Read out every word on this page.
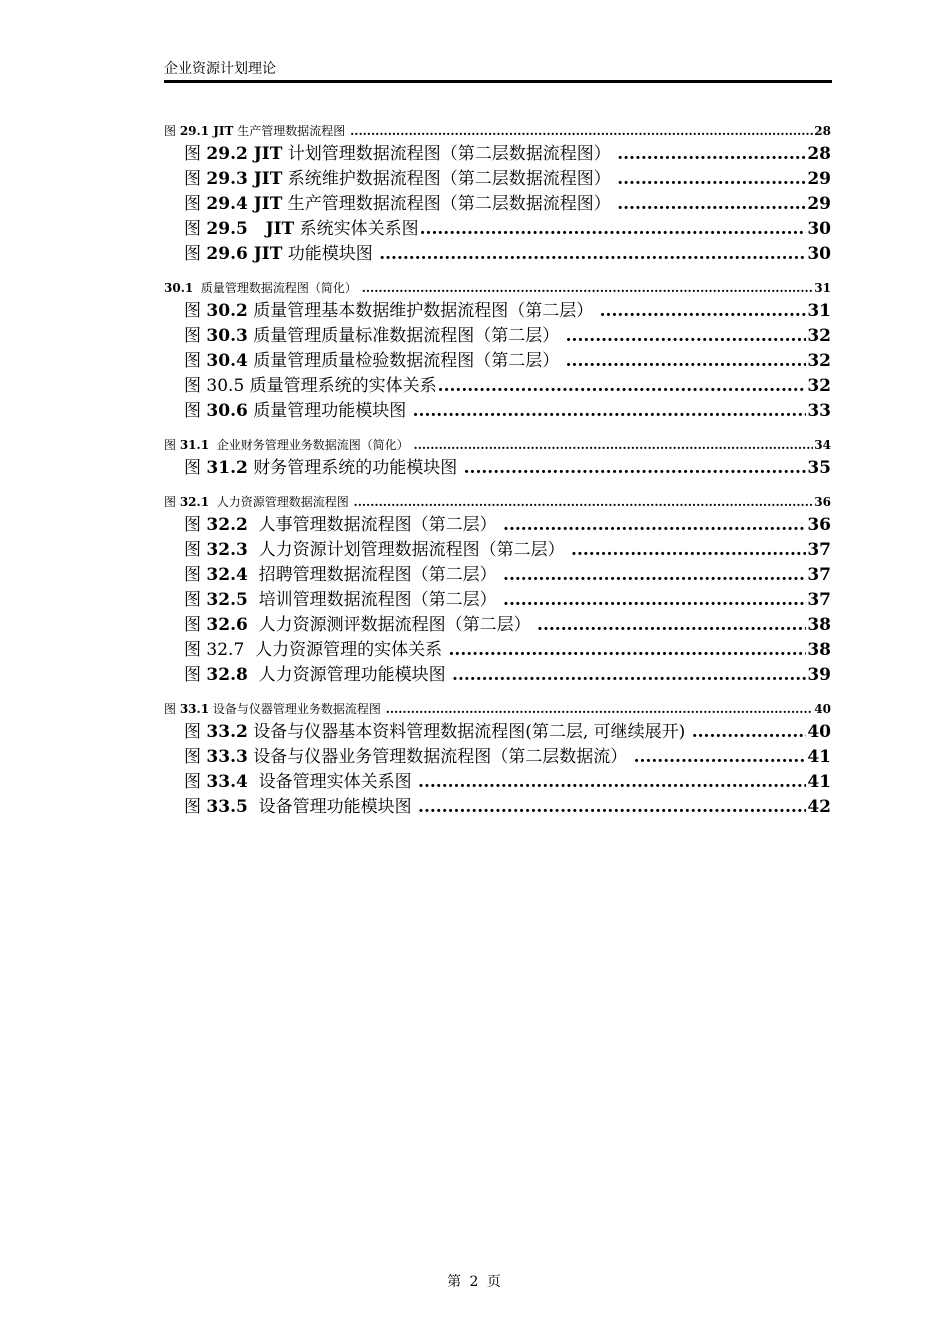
企业资源计划理论
图 29.1 JIT 生产管理数据流程图 .....	28
图 29.2 JIT 计划管理数据流程图（第二层数据流程图） .....	28
图 29.3 JIT 系统维护数据流程图（第二层数据流程图） .....	29
图 29.4 JIT 生产管理数据流程图（第二层数据流程图） .....	29
图 29.5   JIT 系统实体关系图 .....	30
图 29.6 JIT 功能模块图 .....	30
30.1  质量管理数据流程图（简化） .....	31
图 30.2 质量管理基本数据维护数据流程图（第二层） .....	31
图 30.3 质量管理质量标准数据流程图（第二层） .....	32
图 30.4 质量管理质量检验数据流程图（第二层） .....	32
图 30.5 质量管理系统的实体关系 .....	32
图 30.6 质量管理功能模块图 .....	33
图 31.1  企业财务管理业务数据流图（简化） .....	34
图 31.2 财务管理系统的功能模块图 .....	35
图 32.1  人力资源管理数据流程图 .....	36
图 32.2  人事管理数据流程图（第二层） .....	36
图 32.3  人力资源计划管理数据流程图（第二层） .....	37
图 32.4  招聘管理数据流程图（第二层） .....	37
图 32.5  培训管理数据流程图（第二层） .....	37
图 32.6  人力资源测评数据流程图（第二层） .....	38
图 32.7  人力资源管理的实体关系 .....	38
图 32.8  人力资源管理功能模块图 .....	39
图 33.1 设备与仪器管理业务数据流程图 .....	40
图 33.2 设备与仪器基本资料管理数据流程图(第二层, 可继续展开) .....	40
图 33.3 设备与仪器业务管理数据流程图（第二层数据流） .....	41
图 33.4  设备管理实体关系图 .....	41
图 33.5  设备管理功能模块图 .....	42
第 2 页
